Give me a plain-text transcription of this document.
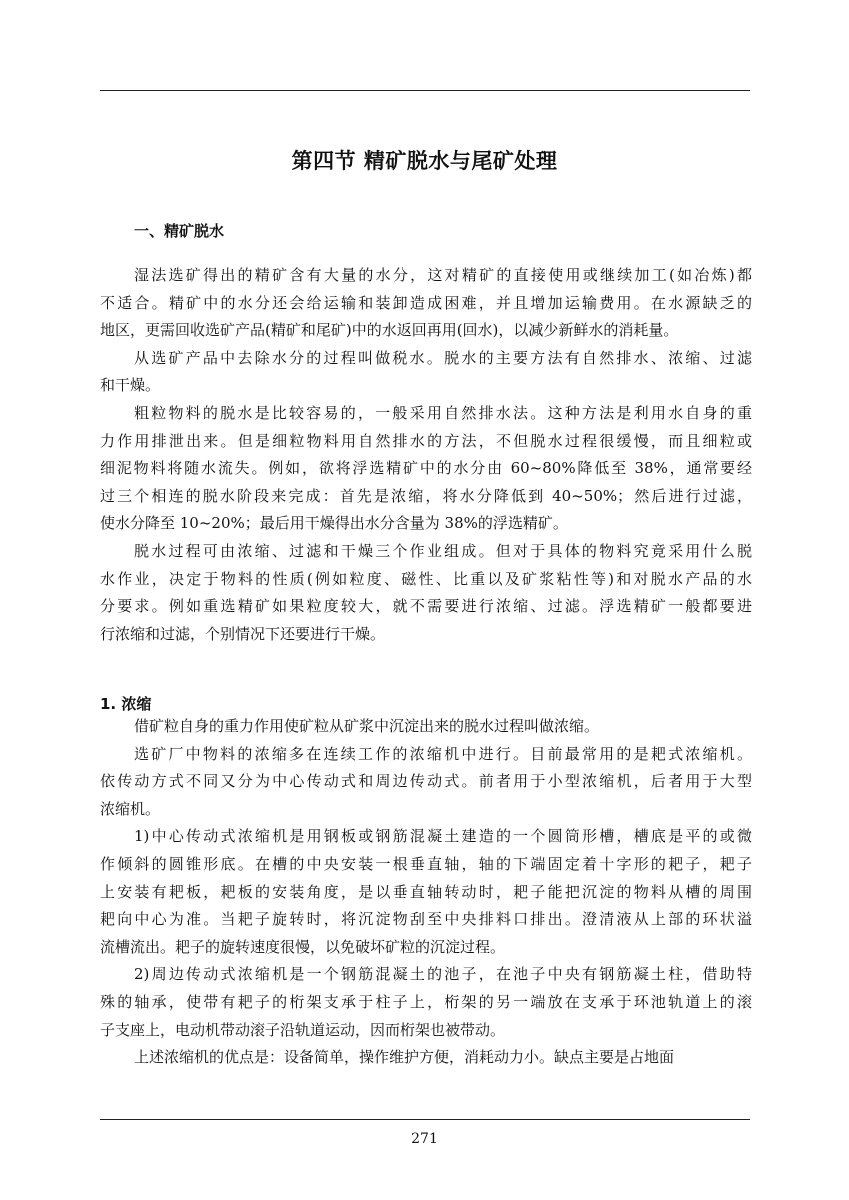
第四节 精矿脱水与尾矿处理
一、精矿脱水
湿法选矿得出的精矿含有大量的水分，这对精矿的直接使用或继续加工(如冶炼)都
不适合。精矿中的水分还会给运输和装卸造成困难，并且增加运输费用。在水源缺乏的
地区，更需回收选矿产品(精矿和尾矿)中的水返回再用(回水)，以减少新鲜水的消耗量。
从选矿产品中去除水分的过程叫做税水。脱水的主要方法有自然排水、浓缩、过滤
和干燥。
粗粒物料的脱水是比较容易的，一般采用自然排水法。这种方法是利用水自身的重
力作用排泄出来。但是细粒物料用自然排水的方法，不但脱水过程很缓慢，而且细粒或
细泥物料将随水流失。例如，欲将浮选精矿中的水分由 60~80%降低至 38%，通常要经
过三个相连的脱水阶段来完成：首先是浓缩，将水分降低到 40~50%；然后进行过滤，
使水分降至 10~20%；最后用干燥得出水分含量为 38%的浮选精矿。
脱水过程可由浓缩、过滤和干燥三个作业组成。但对于具体的物料究竟采用什么脱
水作业，决定于物料的性质(例如粒度、磁性、比重以及矿浆粘性等)和对脱水产品的水
分要求。例如重选精矿如果粒度较大，就不需要进行浓缩、过滤。浮选精矿一般都要进
行浓缩和过滤，个别情况下还要进行干燥。
1. 浓缩
借矿粒自身的重力作用使矿粒从矿浆中沉淀出来的脱水过程叫做浓缩。
选矿厂中物料的浓缩多在连续工作的浓缩机中进行。目前最常用的是耙式浓缩机。
依传动方式不同又分为中心传动式和周边传动式。前者用于小型浓缩机，后者用于大型
浓缩机。
1)中心传动式浓缩机是用钢板或钢筋混凝土建造的一个圆筒形槽，槽底是平的或微
作倾斜的圆锥形底。在槽的中央安装一根垂直轴，轴的下端固定着十字形的耙子，耙子
上安装有耙板，耙板的安装角度，是以垂直轴转动时，耙子能把沉淀的物料从槽的周围
耙向中心为准。当耙子旋转时，将沉淀物刮至中央排料口排出。澄清液从上部的环状溢
流槽流出。耙子的旋转速度很慢，以免破坏矿粒的沉淀过程。
2)周边传动式浓缩机是一个钢筋混凝土的池子，在池子中央有钢筋凝土柱，借助特
殊的轴承，使带有耙子的桁架支承于柱子上，桁架的另一端放在支承于环池轨道上的滚
子支座上，电动机带动滚子沿轨道运动，因而桁架也被带动。
上述浓缩机的优点是：设备简单，操作维护方便，消耗动力小。缺点主要是占地面
271
